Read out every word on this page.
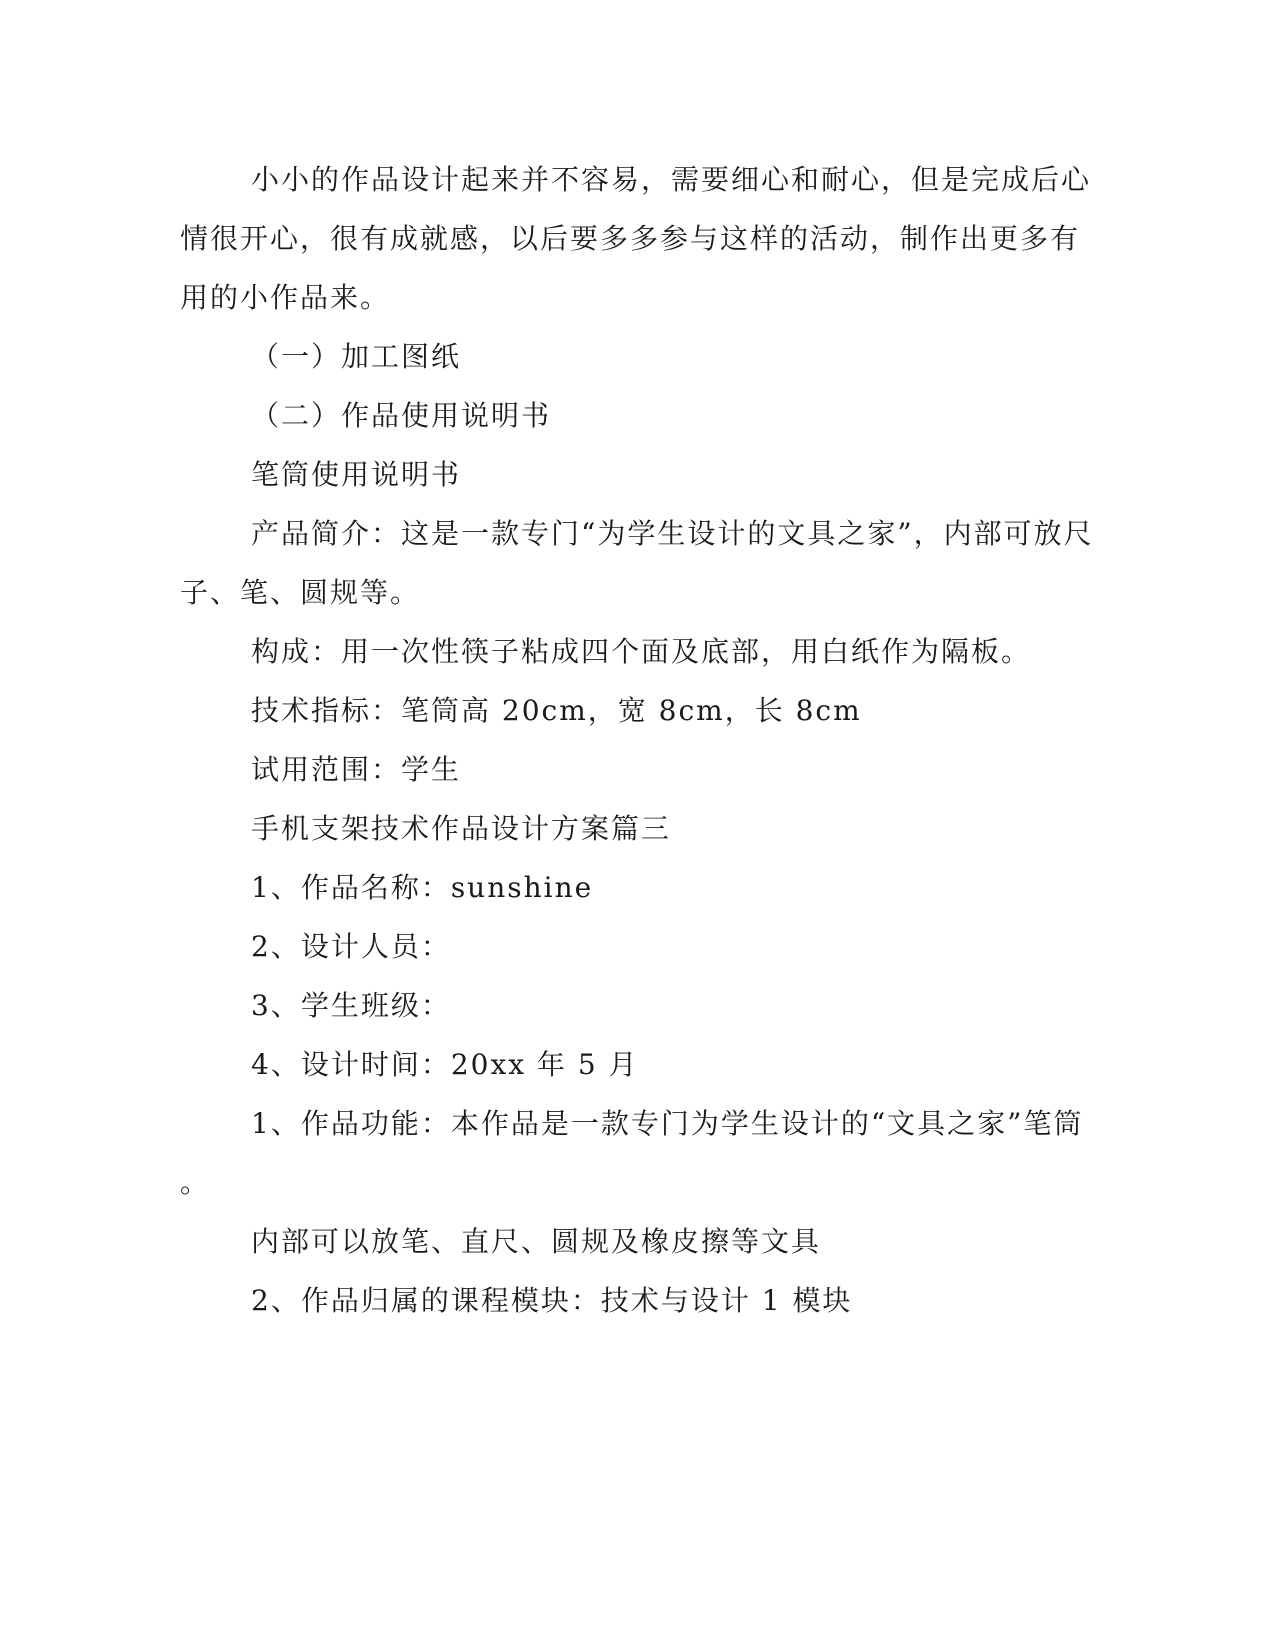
小小的作品设计起来并不容易，需要细心和耐心，但是完成后心

情很开心，很有成就感，以后要多多参与这样的活动，制作出更多有

用的小作品来。

（一）加工图纸

（二）作品使用说明书

笔筒使用说明书

产品简介：这是一款专门“为学生设计的文具之家”，内部可放尺

子、笔、圆规等。

构成：用一次性筷子粘成四个面及底部，用白纸作为隔板。

技术指标：笔筒高 20cm，宽 8cm，长 8cm

试用范围：学生

手机支架技术作品设计方案篇三

1、作品名称：sunshine

2、设计人员：

3、学生班级：

4、设计时间：20xx 年 5 月

1、作品功能：本作品是一款专门为学生设计的“文具之家”笔筒

。

内部可以放笔、直尺、圆规及橡皮擦等文具

2、作品归属的课程模块：技术与设计 1 模块
